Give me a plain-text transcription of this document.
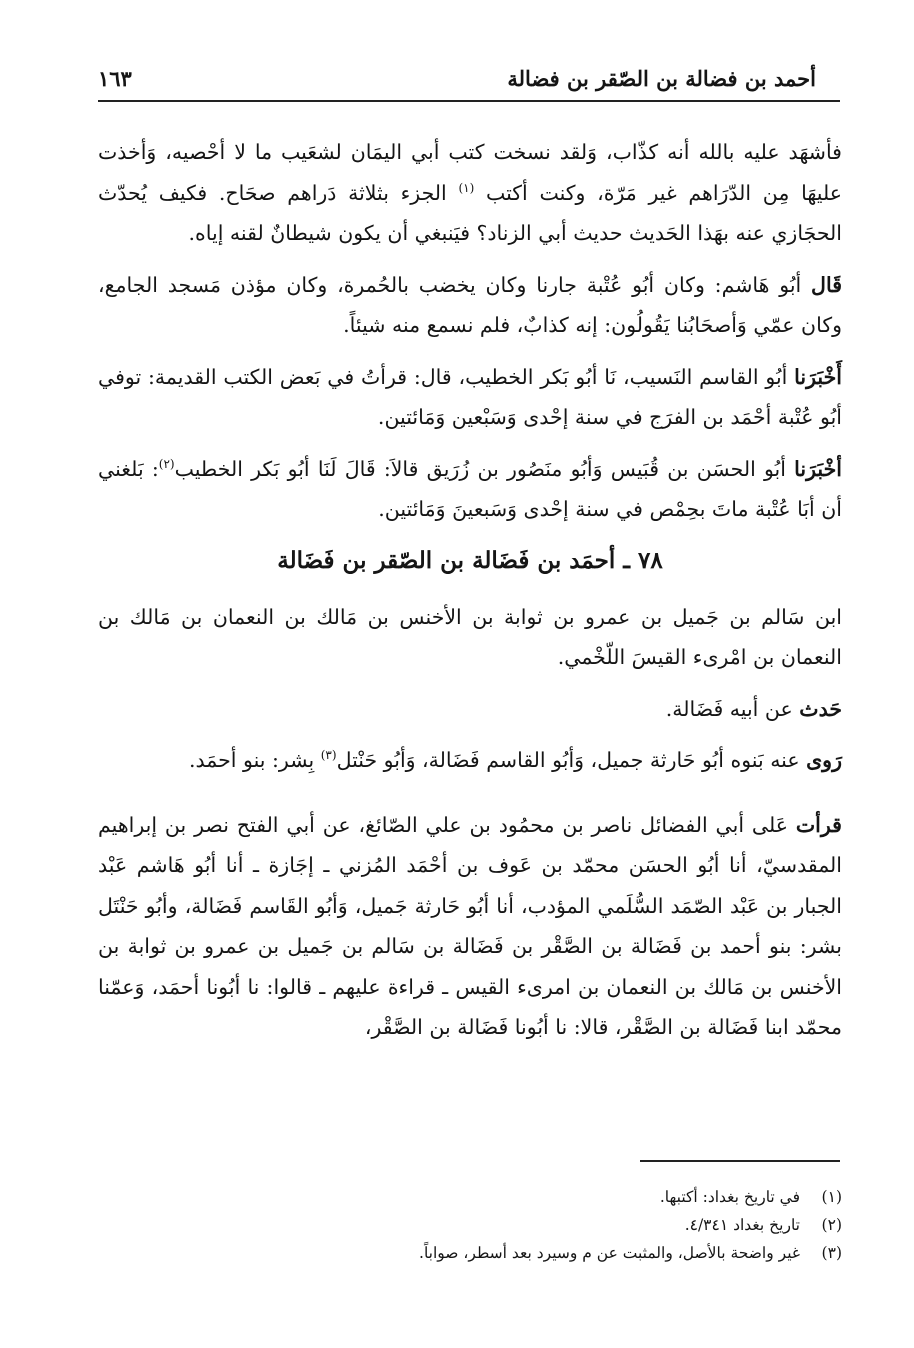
أحمد بن فضالة بن الصّقر بن فضالة
١٦٣

فأشهَد عليه بالله أنه كذّاب، وَلقد نسخت كتب أبي اليمَان لشعَيب ما لا أحْصيه، وَأخذت عليهَا مِن الدّرَاهم غير مَرّة، وكنت أكتب $^{(١)}$ الجزء بثلاثة دَراهم صحَاح. فكيف يُحدّث الحجَازي عنه بهَذا الحَديث حديث أبي الزناد؟ فيَنبغي أن يكون شيطانٌ لقنه إياه.

قَال أبُو هَاشم: وكان أبُو عُتْبة جارنا وكان يخضب بالحُمرة، وكان مؤذن مَسجد الجامع، وكان عمّي وَأصحَابُنا يَقُولُون: إنه كذابٌ، فلم نسمع منه شيئاً.

أَخْبَرَنا أبُو القاسم النَسيب، نَا أبُو بَكر الخطيب، قال: قرأتُ في بَعض الكتب القديمة: توفي أبُو عُتْبة أحْمَد بن الفرَج في سنة إحْدى وَسَبْعين وَمَائتين.

أخْبَرَنا أبُو الحسَن بن قُبَيس وَأبُو منَصُور بن زُرَيق قالاَ: قَالَ لَنَا أبُو بَكر الخطيب$^{(٢)}$: بَلغني أن أبَا عُتْبة ماتَ بحِمْص في سنة إحْدى وَسَبعينَ وَمَائتين.

٧٨ ـ أحمَد بن فَضَالة بن الصّقر بن فَضَالة

ابن سَالم بن جَميل بن عمرو بن ثوابة بن الأخنس بن مَالك بن النعمان بن مَالك بن النعمان بن امْرىء القيسَ اللّخْمي.

حَدث عن أبيه فَضَالة.

رَوى عنه بَنوه أبُو حَارثة جميل، وَأبُو القاسم فَضَالة، وَأبُو حَنْتل$^{(٣)}$ بِشر: بنو أحمَد.

قرأت عَلى أبي الفضائل ناصر بن محمُود بن علي الصّائغ، عن أبي الفتح نصر بن إبراهيم المقدسيّ، أنا أبُو الحسَن محمّد بن عَوف بن أحْمَد المُزني ـ إجَازة ـ أنا أبُو هَاشم عَبْد الجبار بن عَبْد الصّمَد السُّلَمي المؤدب، أنا أبُو حَارثة جَميل، وَأبُو القَاسم فَضَالة، وأبُو حَنْتَل بشر: بنو أحمد بن فَضَالة بن الصَّقْر بن فَضَالة بن سَالم بن جَميل بن عمرو بن ثوابة بن الأخنس بن مَالك بن النعمان بن امرىء القيس ـ قراءة عليهم ـ قالوا: نا أبُونا أحمَد، وَعمّنا محمّد ابنا فَضَالة بن الصَّقْر، قالا: نا أبُونا فَضَالة بن الصَّقْر،

(١)
في تاريخ بغداد: أكتبها.
(٢)
تاريخ بغداد ٤/٣٤١.
(٣)
غير واضحة بالأصل، والمثبت عن م وسيرد بعد أسطر، صواباً.
